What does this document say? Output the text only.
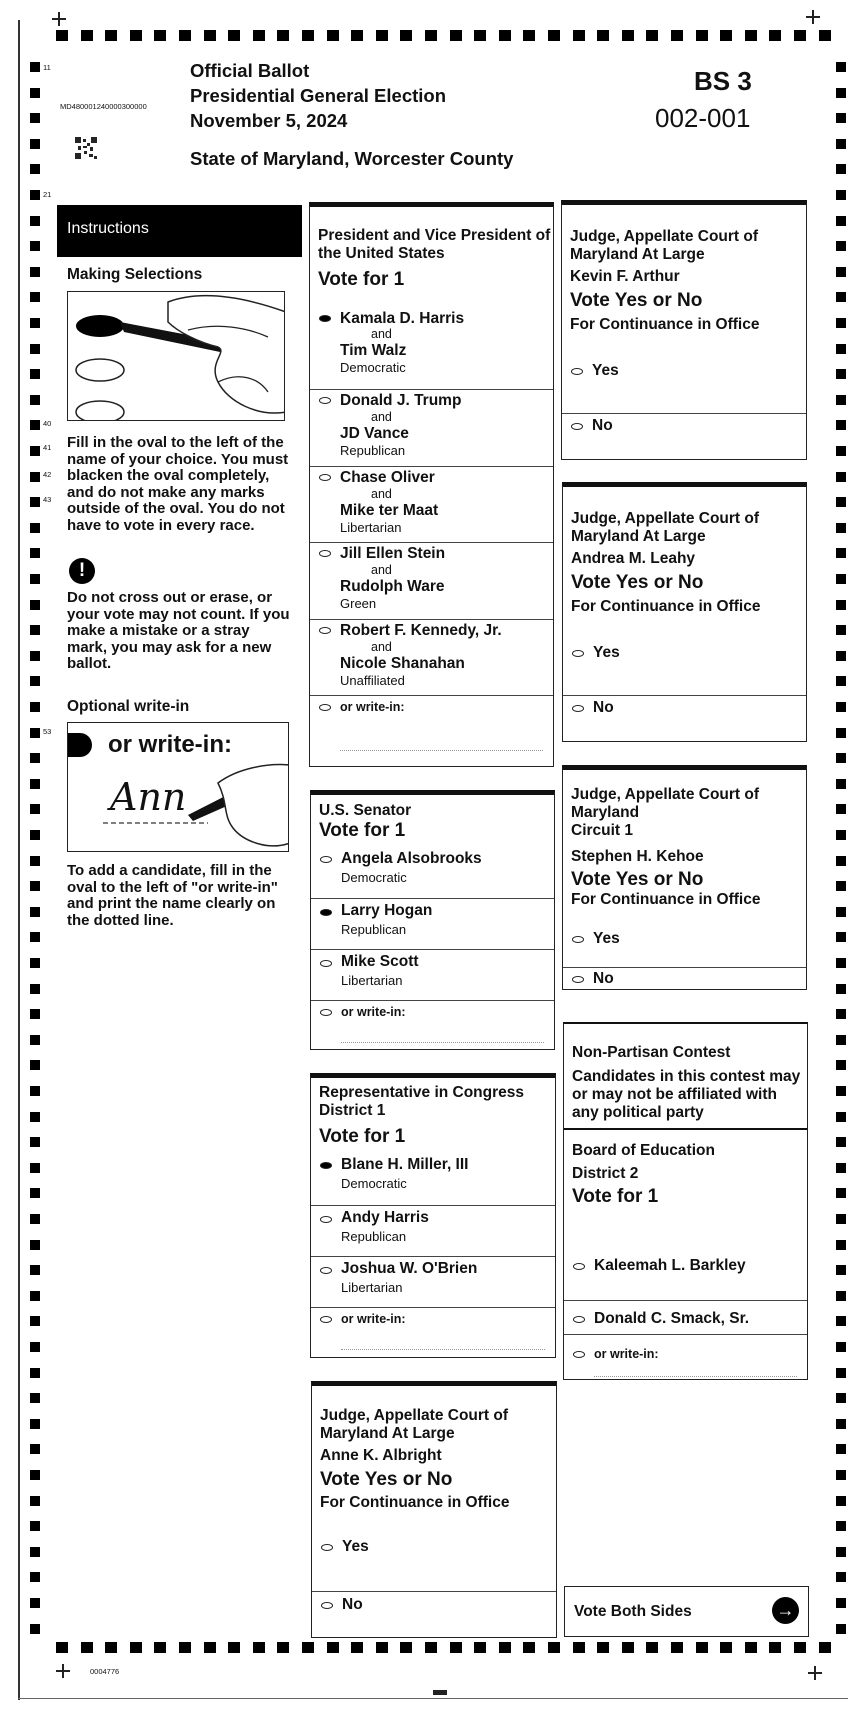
11
21
40
41
42
43
53
Official Ballot
Presidential General Election
November 5, 2024
State of Maryland, Worcester County
MD480001240000300000
BS 3
002-001
Instructions
Making Selections
Fill in the oval to the left of the name of your choice. You must blacken the oval completely, and do not make any marks outside of the oval. You do not have to vote in every race.
!
Do not cross out or erase, or your vote may not count. If you make a mistake or a stray mark, you may ask for a new ballot.
Optional write-in
or write-in:
Ann
To add a candidate, fill in the oval to the left of "or write-in" and print the name clearly on the dotted line.
President and Vice President of the United States
Vote for 1
Kamala D. Harris
and
Tim Walz
Democratic
Donald J. Trump
and
JD Vance
Republican
Chase Oliver
and
Mike ter Maat
Libertarian
Jill Ellen Stein
and
Rudolph Ware
Green
Robert F. Kennedy, Jr.
and
Nicole Shanahan
Unaffiliated
or write-in:
U.S. Senator
Vote for 1
Angela Alsobrooks
Democratic
Larry Hogan
Republican
Mike Scott
Libertarian
or write-in:
Representative in Congress District 1
Vote for 1
Blane H. Miller, III
Democratic
Andy Harris
Republican
Joshua W. O'Brien
Libertarian
or write-in:
Judge, Appellate Court of Maryland At Large
Anne K. Albright
Vote Yes or No
For Continuance in Office
Yes
No
Judge, Appellate Court of Maryland At Large
Kevin F. Arthur
Vote Yes or No
For Continuance in Office
Yes
No
Judge, Appellate Court of Maryland At Large
Andrea M. Leahy
Vote Yes or No
For Continuance in Office
Yes
No
Judge, Appellate Court of Maryland
Circuit 1
Stephen H. Kehoe
Vote Yes or No
For Continuance in Office
Yes
No
Non-Partisan Contest
Candidates in this contest may or may not be affiliated with any political party
Board of Education
District 2
Vote for 1
Kaleemah L. Barkley
Donald C. Smack, Sr.
or write-in:
Vote Both Sides	→
0004776
